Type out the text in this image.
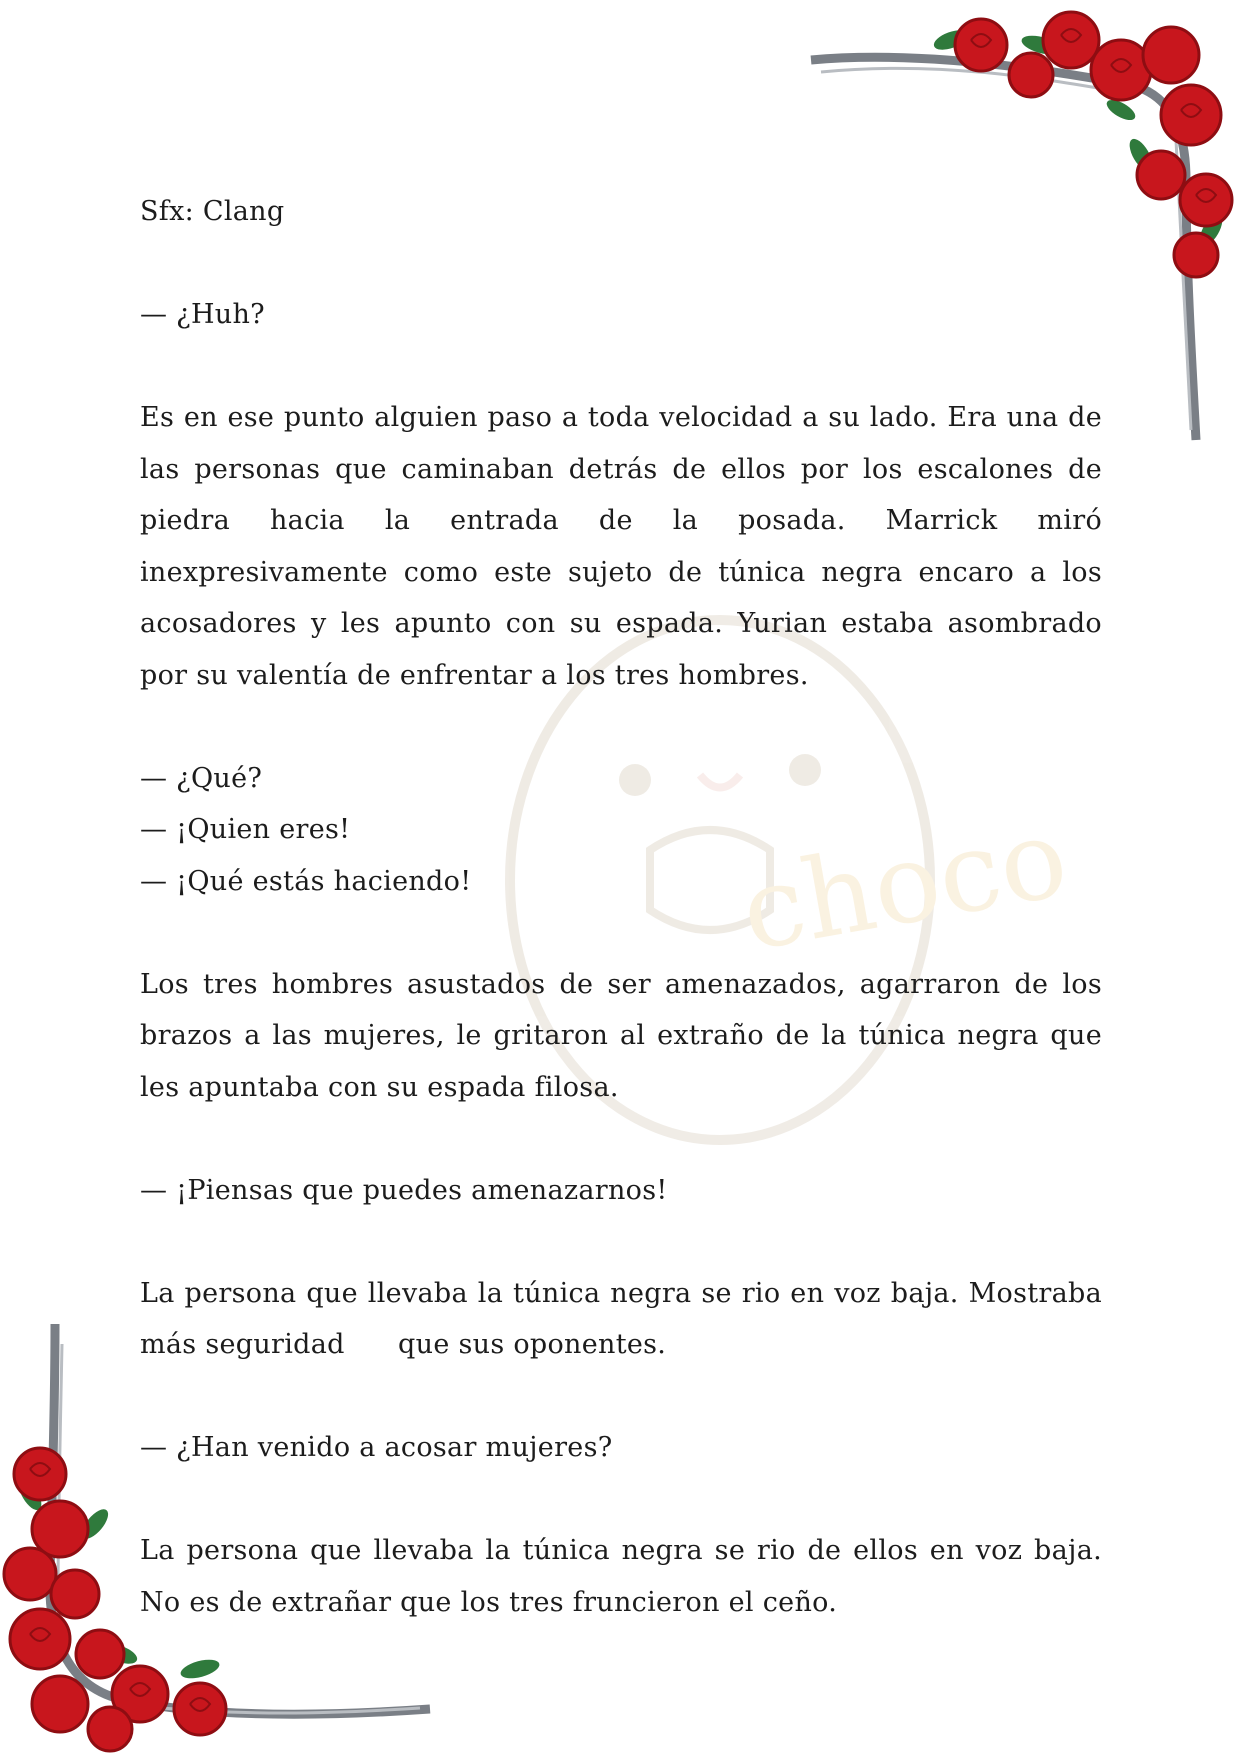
choco

Sfx: Clang

— ¿Huh?

Es en ese punto alguien paso a toda velocidad a su lado. Era una de las personas que caminaban detrás de ellos por los escalones de piedra hacia la entrada de la posada. Marrick miró inexpresivamente como este sujeto de túnica negra encaro a los acosadores y les apunto con su espada. Yurian estaba asombrado por su valentía de enfrentar a los tres hombres.

— ¿Qué?

— ¡Quien eres!

— ¡Qué estás haciendo!

Los tres hombres asustados de ser amenazados, agarraron de los brazos a las mujeres, le gritaron al extraño de la túnica negra que les apuntaba con su espada filosa.

— ¡Piensas que puedes amenazarnos!

La persona que llevaba la túnica negra se rio en voz baja. Mostraba más seguridad      que sus oponentes.

— ¿Han venido a acosar mujeres?

La persona que llevaba la túnica negra se rio de ellos en voz baja. No es de extrañar que los tres fruncieron el ceño.
